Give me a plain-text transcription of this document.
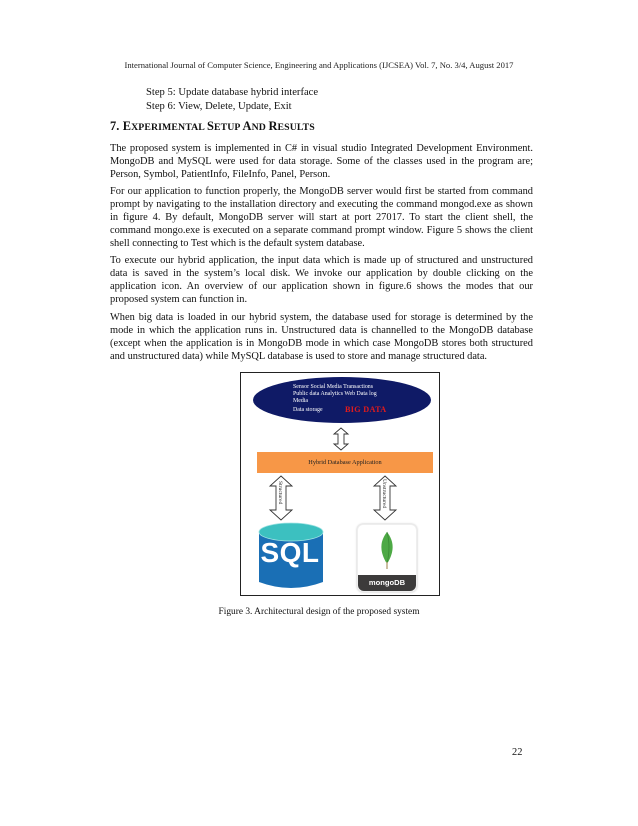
International Journal of Computer Science, Engineering and Applications (IJCSEA) Vol. 7, No. 3/4, August 2017
Step 5: Update database hybrid interface
Step 6: View, Delete, Update, Exit
7. EXPERIMENTAL SETUP AND RESULTS

The proposed system is implemented in C# in visual studio Integrated Development Environment. MongoDB and MySQL were used for data storage. Some of the classes used in the program are; Person, Symbol, PatientInfo, FileInfo, Panel, Person.

For our application to function properly, the MongoDB server would first be started from command prompt by navigating to the installation directory and executing the command mongod.exe as shown in figure 4. By default, MongoDB server will start at port 27017. To start the client shell, the command mongo.exe is executed on a separate command prompt window. Figure 5 shows the client shell connecting to Test which is the default system database.

To execute our hybrid application, the input data which is made up of structured and unstructured data is saved in the system’s local disk. We invoke our application by double clicking on the application icon. An overview of our application shown in figure.6 shows the modes that our proposed system can function in.

When big data is loaded in our hybrid system, the database used for storage is determined by the mode in which the application runs in. Unstructured data is channelled to the MongoDB database (except when the application is in MongoDB mode in which case MongoDB stores both structured and unstructured data) while MySQL database is used to store and manage structured data.

Sensor Social Media Transactions
Public data Analytics Web Data log
Media
Data storage	BIG DATA
Hybrid Database Application
Structured	Unstructured
SQL
mongoDB
Figure 3. Architectural design of the proposed system
22
